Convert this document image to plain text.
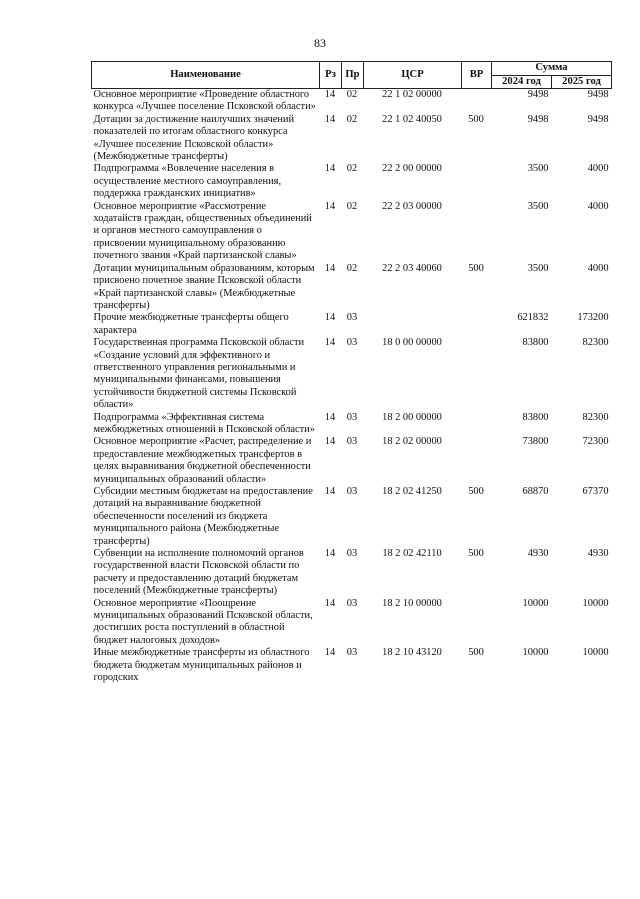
83
Наименование	Рз	Пр	ЦСР	ВР	Сумма	
					2024 год	2025 год
Основное мероприятие «Проведение областного конкурса «Лучшее поселение Псковской области»	14	02	22 1 02 00000		9498	9498
Дотации за достижение наилучших значений показателей по итогам областного конкурса «Лучшее поселение Псковской области» (Межбюджетные трансферты)	14	02	22 1 02 40050	500	9498	9498
Подпрограмма «Вовлечение населения в осуществление местного самоуправления, поддержка гражданских инициатив»	14	02	22 2 00 00000		3500	4000
Основное мероприятие «Рассмотрение ходатайств граждан, общественных объединений и органов местного самоуправления о присвоении муниципальному образованию почетного звания «Край партизанской славы»	14	02	22 2 03 00000		3500	4000
Дотации муниципальным образованиям, которым присвоено почетное звание Псковской области «Край партизанской славы» (Межбюджетные трансферты)	14	02	22 2 03 40060	500	3500	4000
Прочие межбюджетные трансферты общего характера	14	03			621832	173200
Государственная программа Псковской области «Создание условий для эффективного и ответственного управления региональными и муниципальными финансами, повышения устойчивости бюджетной системы Псковской области»	14	03	18 0 00 00000		83800	82300
Подпрограмма «Эффективная система межбюджетных отношений в Псковской области»	14	03	18 2 00 00000		83800	82300
Основное мероприятие «Расчет, распределение и предоставление межбюджетных трансфертов в целях выравнивания бюджетной обеспеченности муниципальных образований области»	14	03	18 2 02 00000		73800	72300
Субсидии местным бюджетам на предоставление дотаций на выравнивание бюджетной обеспеченности поселений из бюджета муниципального района (Межбюджетные трансферты)	14	03	18 2 02 41250	500	68870	67370
Субвенции на исполнение полномочий органов государственной власти Псковской области по расчету и предоставлению дотаций бюджетам поселений (Межбюджетные трансферты)	14	03	18 2 02 42110	500	4930	4930
Основное мероприятие «Поощрение муниципальных образований Псковской области, достигших роста поступлений в областной бюджет налоговых доходов»	14	03	18 2 10 00000		10000	10000
Иные межбюджетные трансферты из областного бюджета бюджетам муниципальных районов и городских	14	03	18 2 10 43120	500	10000	10000
